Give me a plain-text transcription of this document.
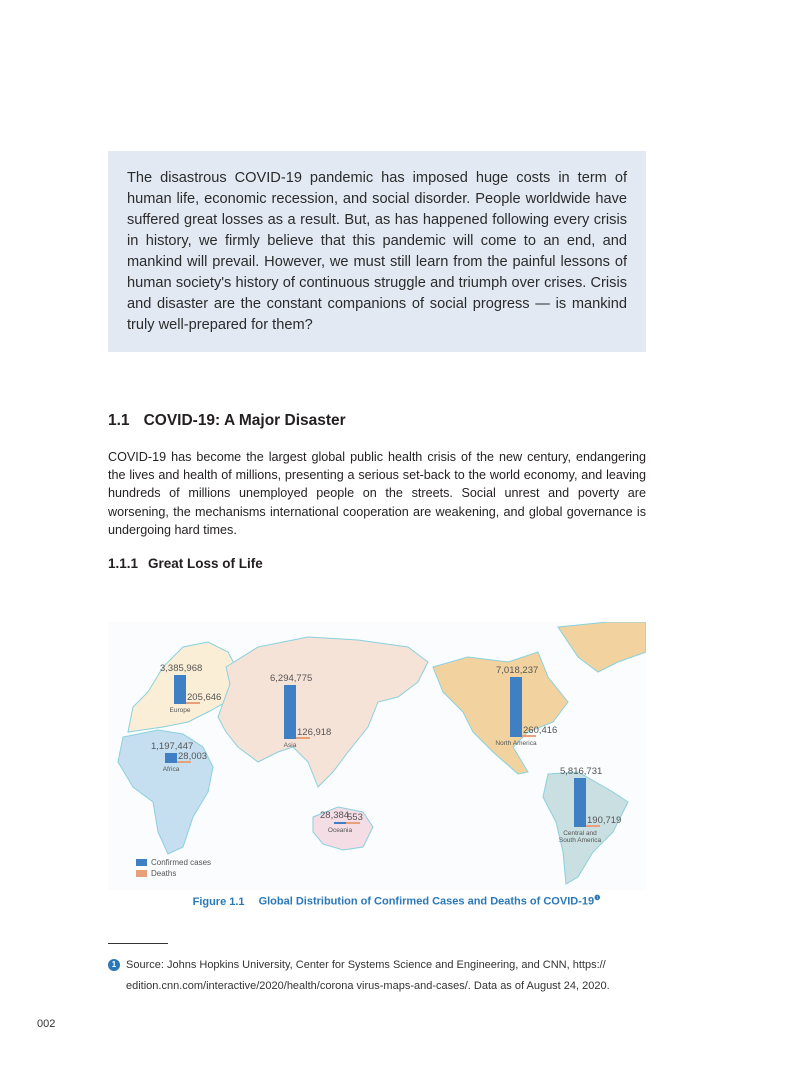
The disastrous COVID-19 pandemic has imposed huge costs in term of human life, economic recession, and social disorder. People worldwide have suffered great losses as a result. But, as has happened following every crisis in history, we firmly believe that this pandemic will come to an end, and mankind will prevail. However, we must still learn from the painful lessons of human society's history of continuous struggle and triumph over crises. Crisis and disaster are the constant companions of social progress — is mankind truly well-prepared for them?
1.1 COVID-19: A Major Disaster
COVID-19 has become the largest global public health crisis of the new century, endangering the lives and health of millions, presenting a serious set-back to the world economy, and leaving hundreds of millions unemployed people on the streets. Social unrest and poverty are worsening, the mechanisms international cooperation are weakening, and global governance is undergoing hard times.
1.1.1 Great Loss of Life
3,385,968
205,646
Europe
6,294,775
126,918
Asia
1,197,447
28,003
Africa
28,384
553
Oceania
7,018,237
260,416
North America
5,816,731
190,719
Central and South America
Confirmed cases
Deaths
Figure 1.1 Global Distribution of Confirmed Cases and Deaths of COVID-$19^❶$
1 Source: Johns Hopkins University, Center for Systems Science and Engineering, and CNN, https://
edition.cnn.com/interactive/2020/health/corona virus-maps-and-cases/. Data as of August 24, 2020.
002
